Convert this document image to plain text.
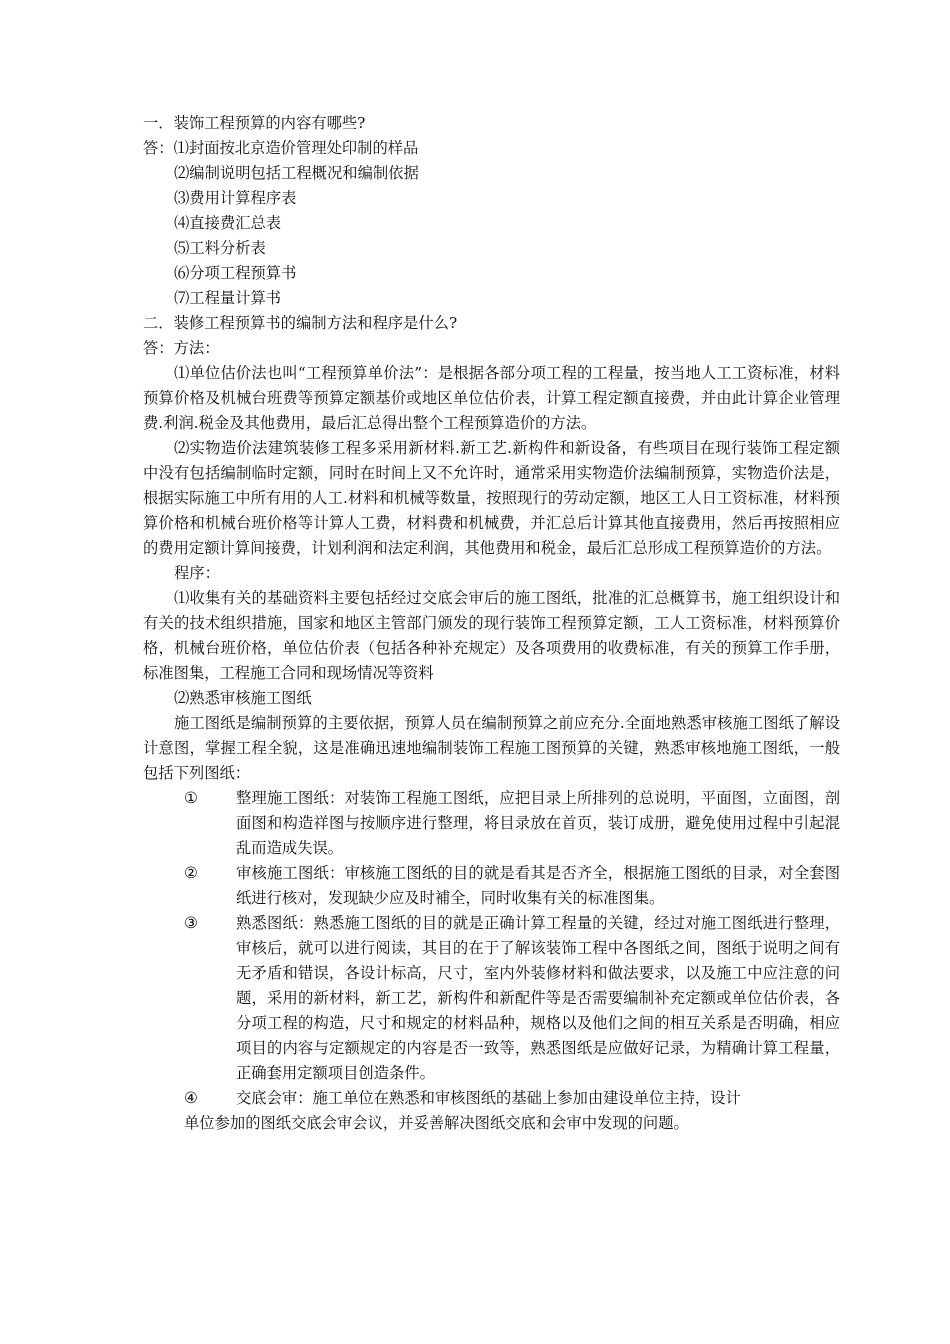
一．装饰工程预算的内容有哪些?
答：⑴封面按北京造价管理处印制的样品
⑵编制说明包括工程概况和编制依据
⑶费用计算程序表
⑷直接费汇总表
⑸工料分析表
⑹分项工程预算书
⑺工程量计算书
二．装修工程预算书的编制方法和程序是什么?
答：方法：
⑴单位估价法也叫“工程预算单价法”：是根据各部分项工程的工程量，按当地人工工资标准，材料预算价格及机械台班费等预算定额基价或地区单位估价表，计算工程定额直接费，并由此计算企业管理费.利润.税金及其他费用，最后汇总得出整个工程预算造价的方法。
⑵实物造价法建筑装修工程多采用新材料.新工艺.新构件和新设备，有些项目在现行装饰工程定额中没有包括编制临时定额，同时在时间上又不允许时，通常采用实物造价法编制预算，实物造价法是，根据实际施工中所有用的人工.材料和机械等数量，按照现行的劳动定额，地区工人日工资标准，材料预算价格和机械台班价格等计算人工费，材料费和机械费，并汇总后计算其他直接费用，然后再按照相应的费用定额计算间接费，计划利润和法定利润，其他费用和税金，最后汇总形成工程预算造价的方法。
程序：
⑴收集有关的基础资料主要包括经过交底会审后的施工图纸，批准的汇总概算书，施工组织设计和有关的技术组织措施，国家和地区主管部门颁发的现行装饰工程预算定额，工人工资标准，材料预算价格，机械台班价格，单位估价表（包括各种补充规定）及各项费用的收费标准，有关的预算工作手册，标准图集，工程施工合同和现场情况等资料
⑵熟悉审核施工图纸
施工图纸是编制预算的主要依据，预算人员在编制预算之前应充分.全面地熟悉审核施工图纸了解设计意图，掌握工程全貌，这是准确迅速地编制装饰工程施工图预算的关键，熟悉审核地施工图纸，一般包括下列图纸：
①	整理施工图纸：对装饰工程施工图纸，应把目录上所排列的总说明，平面图，立面图，剖面图和构造祥图与按顺序进行整理，将目录放在首页，装订成册，避免使用过程中引起混乱而造成失误。
②	审核施工图纸：审核施工图纸的目的就是看其是否齐全，根据施工图纸的目录，对全套图纸进行核对，发现缺少应及时補全，同时收集有关的标准图集。
③	熟悉图纸：熟悉施工图纸的目的就是正确计算工程量的关键，经过对施工图纸进行整理，审核后，就可以进行阅读，其目的在于了解该装饰工程中各图纸之间，图纸于说明之间有无矛盾和错误，各设计标高，尺寸，室内外装修材料和做法要求，以及施工中应注意的问题，采用的新材料，新工艺，新构件和新配件等是否需要编制补充定额或单位估价表，各分项工程的构造，尺寸和规定的材料品种，规格以及他们之间的相互关系是否明确，相应项目的内容与定额规定的内容是否一致等，熟悉图纸是应做好记录，为精确计算工程量，正确套用定额项目创造条件。
④	交底会审：施工单位在熟悉和审核图纸的基础上参加由建设单位主持，设计
单位参加的图纸交底会审会议，并妥善解决图纸交底和会审中发现的问题。
